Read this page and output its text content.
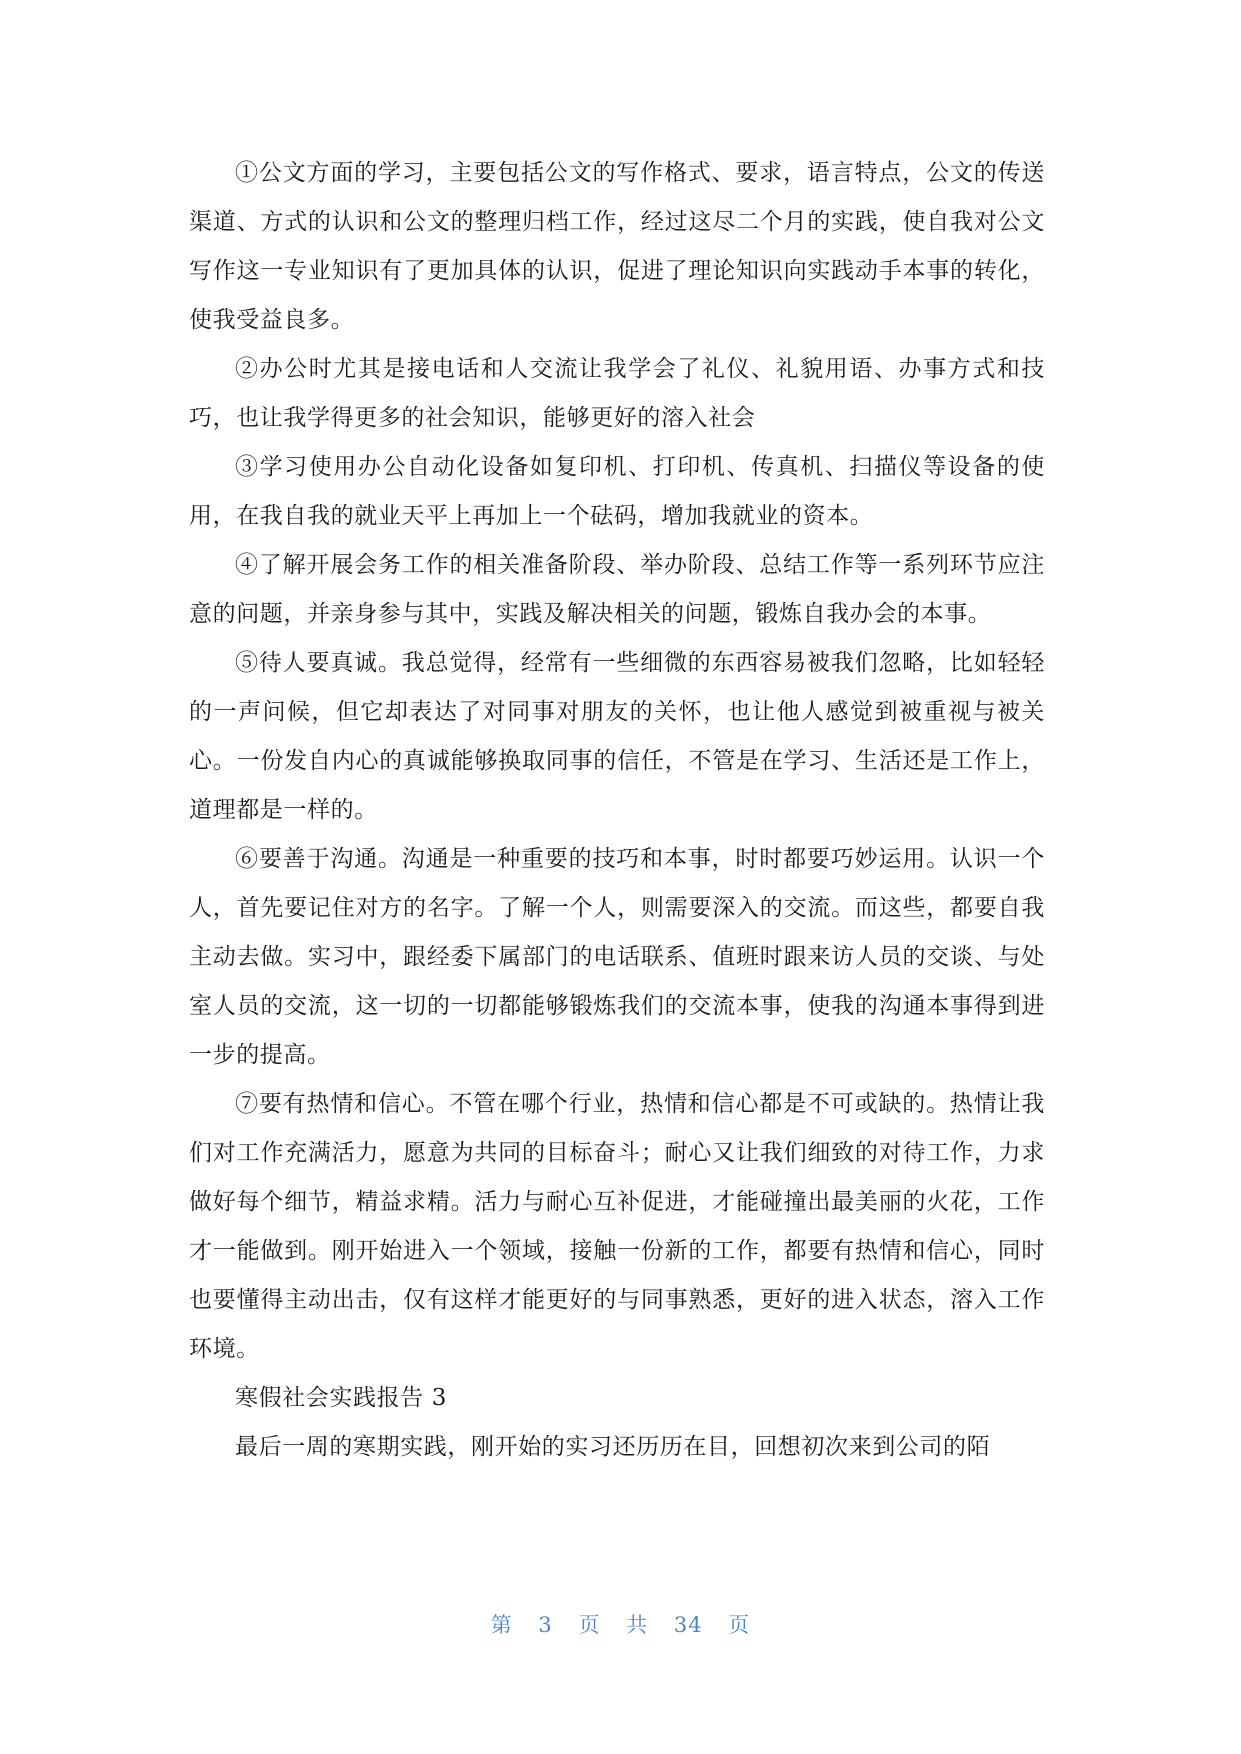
①公文方面的学习，主要包括公文的写作格式、要求，语言特点，公文的传送渠道、方式的认识和公文的整理归档工作，经过这尽二个月的实践，使自我对公文写作这一专业知识有了更加具体的认识，促进了理论知识向实践动手本事的转化，使我受益良多。

②办公时尤其是接电话和人交流让我学会了礼仪、礼貌用语、办事方式和技巧，也让我学得更多的社会知识，能够更好的溶入社会

③学习使用办公自动化设备如复印机、打印机、传真机、扫描仪等设备的使用，在我自我的就业天平上再加上一个砝码，增加我就业的资本。

④了解开展会务工作的相关准备阶段、举办阶段、总结工作等一系列环节应注意的问题，并亲身参与其中，实践及解决相关的问题，锻炼自我办会的本事。

⑤待人要真诚。我总觉得，经常有一些细微的东西容易被我们忽略，比如轻轻的一声问候，但它却表达了对同事对朋友的关怀，也让他人感觉到被重视与被关心。一份发自内心的真诚能够换取同事的信任，不管是在学习、生活还是工作上，道理都是一样的。

⑥要善于沟通。沟通是一种重要的技巧和本事，时时都要巧妙运用。认识一个人，首先要记住对方的名字。了解一个人，则需要深入的交流。而这些，都要自我主动去做。实习中，跟经委下属部门的电话联系、值班时跟来访人员的交谈、与处室人员的交流，这一切的一切都能够锻炼我们的交流本事，使我的沟通本事得到进一步的提高。

⑦要有热情和信心。不管在哪个行业，热情和信心都是不可或缺的。热情让我们对工作充满活力，愿意为共同的目标奋斗；耐心又让我们细致的对待工作，力求做好每个细节，精益求精。活力与耐心互补促进，才能碰撞出最美丽的火花，工作才一能做到。刚开始进入一个领域，接触一份新的工作，都要有热情和信心，同时也要懂得主动出击，仅有这样才能更好的与同事熟悉，更好的进入状态，溶入工作环境。

寒假社会实践报告 3

最后一周的寒期实践，刚开始的实习还历历在目，回想初次来到公司的陌

第 3 页 共 34 页
